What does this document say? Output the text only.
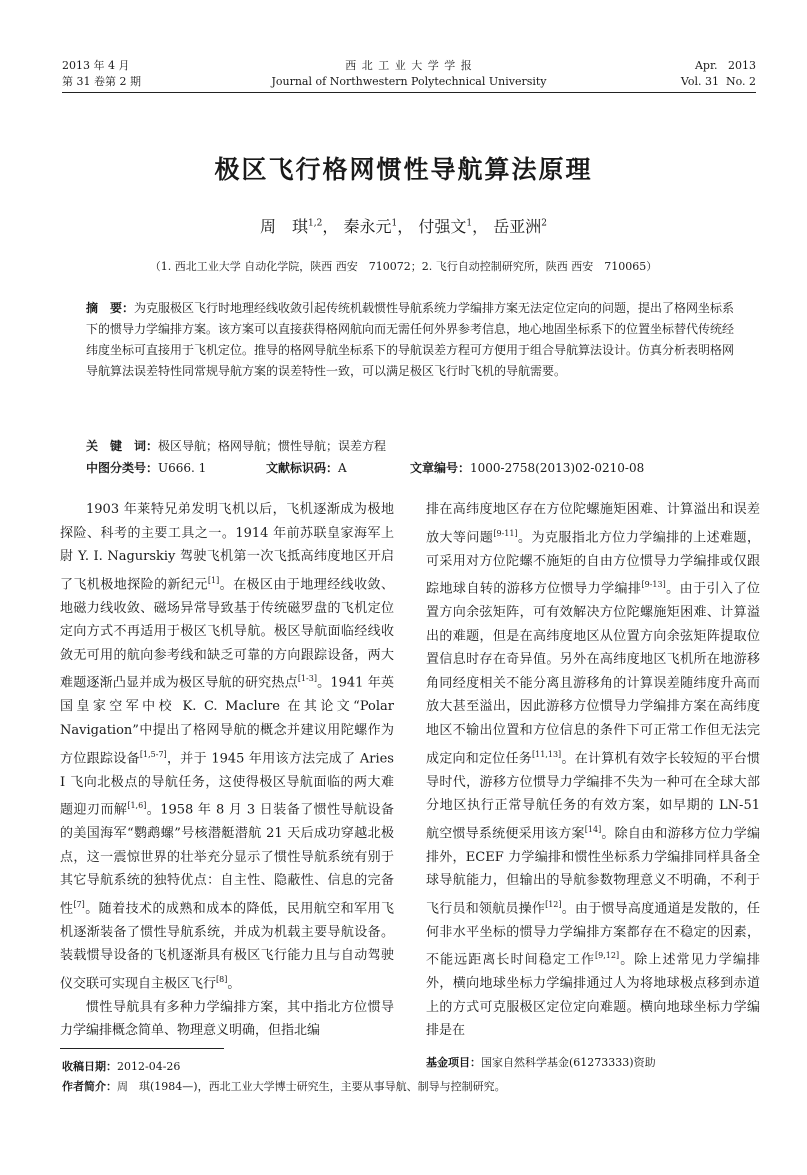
2013 年 4 月
第 31 卷第 2 期
西 北 工 业 大 学 学 报
Journal of Northwestern Polytechnical University
Apr.   2013
Vol. 31  No. 2
极区飞行格网惯性导航算法原理
周　琪$^{1,2}$， 秦永元$^1$， 付强文$^1$， 岳亚洲$^2$
（1. 西北工业大学 自动化学院，陕西 西安　710072；2. 飞行自动控制研究所，陕西 西安　710065）
摘　要：为克服极区飞行时地理经线收敛引起传统机载惯性导航系统力学编排方案无法定位定向的问题，提出了格网坐标系下的惯导力学编排方案。该方案可以直接获得格网航向而无需任何外界参考信息，地心地固坐标系下的位置坐标替代传统经纬度坐标可直接用于飞机定位。推导的格网导航坐标系下的导航误差方程可方便用于组合导航算法设计。仿真分析表明格网导航算法误差特性同常规导航方案的误差特性一致，可以满足极区飞行时飞机的导航需要。
关　键　词：极区导航；格网导航；惯性导航；误差方程
中图分类号：U666. 1	文献标识码：A	文章编号：1000-2758(2013)02-0210-08

1903 年莱特兄弟发明飞机以后，飞机逐渐成为极地探险、科考的主要工具之一。1914 年前苏联皇家海军上尉 Y. I. Nagurskiy 驾驶飞机第一次飞抵高纬度地区开启了飞机极地探险的新纪元[1]。在极区由于地理经线收敛、地磁力线收敛、磁场异常导致基于传统磁罗盘的飞机定位定向方式不再适用于极区飞机导航。极区导航面临经线收敛无可用的航向参考线和缺乏可靠的方向跟踪设备，两大难题逐渐凸显并成为极区导航的研究热点[1-3]。1941 年英国皇家空军中校 K. C. Maclure 在其论文“Polar Navigation”中提出了格网导航的概念并建议用陀螺作为方位跟踪设备[1,5-7]，并于 1945 年用该方法完成了 Aries Ⅰ 飞向北极点的导航任务，这使得极区导航面临的两大难题迎刃而解[1,6]。1958 年 8 月 3 日装备了惯性导航设备的美国海军“鹦鹉螺”号核潜艇潜航 21 天后成功穿越北极点，这一震惊世界的壮举充分显示了惯性导航系统有别于其它导航系统的独特优点：自主性、隐蔽性、信息的完备性[7]。随着技术的成熟和成本的降低，民用航空和军用飞机逐渐装备了惯性导航系统，并成为机载主要导航设备。装载惯导设备的飞机逐渐具有极区飞行能力且与自动驾驶仪交联可实现自主极区飞行[8]。

惯性导航具有多种力学编排方案，其中指北方位惯导力学编排概念简单、物理意义明确，但指北编

排在高纬度地区存在方位陀螺施矩困难、计算溢出和误差放大等问题[9-11]。为克服指北方位力学编排的上述难题，可采用对方位陀螺不施矩的自由方位惯导力学编排或仅跟踪地球自转的游移方位惯导力学编排[9-13]。由于引入了位置方向余弦矩阵，可有效解决方位陀螺施矩困难、计算溢出的难题，但是在高纬度地区从位置方向余弦矩阵提取位置信息时存在奇异值。另外在高纬度地区飞机所在地游移角同经度相关不能分离且游移角的计算误差随纬度升高而放大甚至溢出，因此游移方位惯导力学编排方案在高纬度地区不输出位置和方位信息的条件下可正常工作但无法完成定向和定位任务[11,13]。在计算机有效字长较短的平台惯导时代，游移方位惯导力学编排不失为一种可在全球大部分地区执行正常导航任务的有效方案，如早期的 LN-51 航空惯导系统便采用该方案[14]。除自由和游移方位力学编排外，ECEF 力学编排和惯性坐标系力学编排同样具备全球导航能力，但输出的导航参数物理意义不明确，不利于飞行员和领航员操作[12]。由于惯导高度通道是发散的，任何非水平坐标的惯导力学编排方案都存在不稳定的因素，不能远距离长时间稳定工作[9,12]。除上述常见力学编排外，横向地球坐标力学编排通过人为将地球极点移到赤道上的方式可克服极区定位定向难题。横向地球坐标力学编排是在

收稿日期：2012-04-26	基金项目：国家自然科学基金(61273333)资助
作者简介：周　琪(1984—)，西北工业大学博士研究生，主要从事导航、制导与控制研究。
